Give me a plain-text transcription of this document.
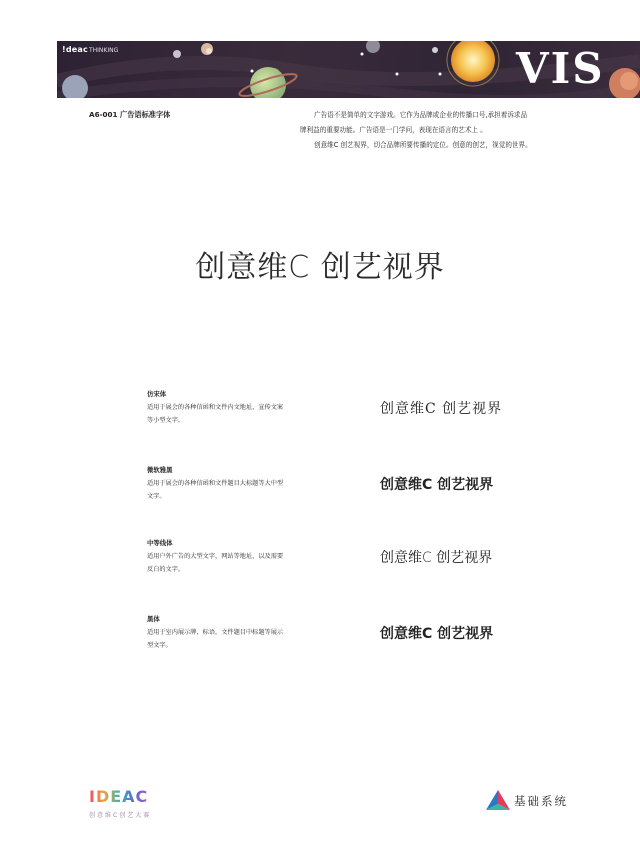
!deacTHINKING	VIS
A6-001 广告语标准字体	广告语不是简单的文字游戏。它作为品牌或企业的传播口号,承担着诉求品

牌利益的重要功能。广告语是一门学问，表现在语言的艺术上 。

创意维C 创艺视界，切合品牌所要传播的定位。创意的创艺，视觉的世界。

创意维C 创艺视界
仿宋体
适用于展会的各种信函和文件内文地址，宣传文案等小型文字。
创意维C 创艺视界
微软雅黑
适用于展会的各种信函和文件题目大标题等大中型文字。
创意维C 创艺视界
中等线体
适用户外广告的大型文字，网站等地址，以及需要反白的文字。
创意维C 创艺视界
黑体
适用于室内展示牌，标语，文件题目中标题等展示型文字。
创意维C 创艺视界
IDEAC
创意维C创艺大赛
基础系统
